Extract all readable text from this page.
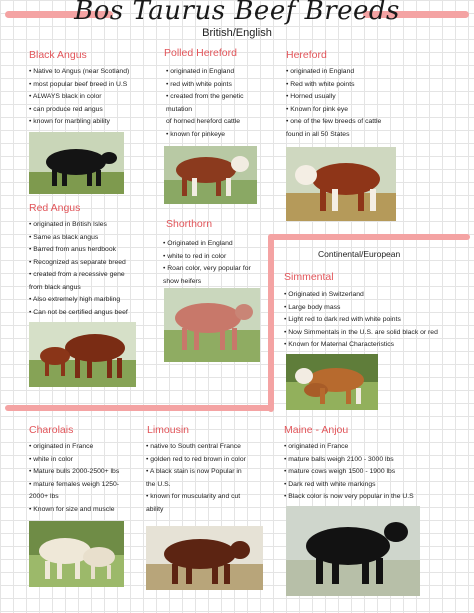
Bos Taurus Beef Breeds
British/English
Black Angus
• Native to Angus (near Scotland)
• most popular beef breed in U.S
• ALWAYS black in color
• can produce red angus
• known for marbling ability
Polled Hereford
• originated in England
• red with white points
• created from the genetic
mutation
of horned hereford cattle
• known for pinkeye
Hereford
• originated in England
• Red with white points
• Horned usually
• Known for pink eye
• one of the few breeds of cattle
found in all 50 States
Red Angus
• originated in British Isles
• Same as black angus
• Barred from anus herdbook
• Recognized as separate breed
• created from a recessive gene
from black angus
• Also extremely high marbling
• Can not be certified angus beef
Shorthorn
• Originated in England
• white to red in color
• Roan color, very popular for
show heifers
Continental/European
Simmental
• Originated in Switzerland
• Large body mass
• Light red to dark red with white points
• Now Simmentals in the U.S. are solid black or red
• Known for Maternal Characteristics
Charolais
• originated in France
• white in color
• Mature bulls 2000-2500+ lbs
• mature females weigh 1250-
2000+ lbs
• Known for size and muscle
Limousin
• native to South central France
• golden red to red brown in color
• A black stain is now Popular in
the U.S.
• known for muscularity and cut
ability
Maine - Anjou
• originated in France
• mature balls weigh 2100 - 3000 lbs
• mature cows weigh 1500 - 1900 lbs
• Dark red with white markings
• Black color is now very popular in the U.S
